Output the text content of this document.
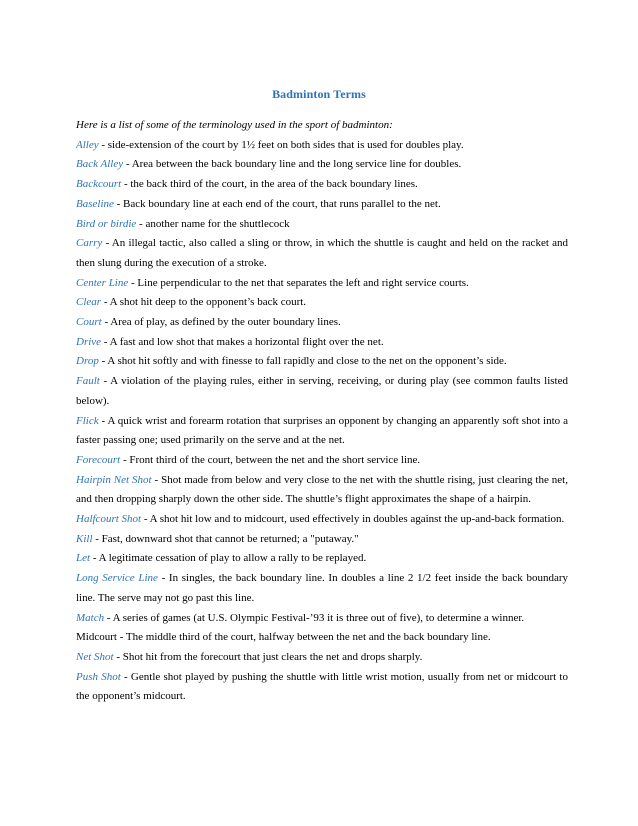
Badminton Terms

Here is a list of some of the terminology used in the sport of badminton:

Alley - side-extension of the court by 1½ feet on both sides that is used for doubles play.

Back Alley - Area between the back boundary line and the long service line for doubles.

Backcourt - the back third of the court, in the area of the back boundary lines.

Baseline - Back boundary line at each end of the court, that runs parallel to the net.

Bird or birdie - another name for the shuttlecock

Carry - An illegal tactic, also called a sling or throw, in which the shuttle is caught and held on the racket and then slung during the execution of a stroke.

Center Line - Line perpendicular to the net that separates the left and right service courts.

Clear - A shot hit deep to the opponent’s back court.

Court - Area of play, as defined by the outer boundary lines.

Drive - A fast and low shot that makes a horizontal flight over the net.

Drop - A shot hit softly and with finesse to fall rapidly and close to the net on the opponent’s side.

Fault - A violation of the playing rules, either in serving, receiving, or during play (see common faults listed below).

Flick - A quick wrist and forearm rotation that surprises an opponent by changing an apparently soft shot into a faster passing one; used primarily on the serve and at the net.

Forecourt - Front third of the court, between the net and the short service line.

Hairpin Net Shot - Shot made from below and very close to the net with the shuttle rising, just clearing the net, and then dropping sharply down the other side. The shuttle’s flight approximates the shape of a hairpin.

Halfcourt Shot - A shot hit low and to midcourt, used effectively in doubles against the up-and-back formation.

Kill - Fast, downward shot that cannot be returned; a "putaway."

Let - A legitimate cessation of play to allow a rally to be replayed.

Long Service Line - In singles, the back boundary line. In doubles a line 2 1/2 feet inside the back boundary line. The serve may not go past this line.

Match - A series of games (at U.S. Olympic Festival-’93 it is three out of five), to determine a winner.

Midcourt - The middle third of the court, halfway between the net and the back boundary line.

Net Shot - Shot hit from the forecourt that just clears the net and drops sharply.

Push Shot - Gentle shot played by pushing the shuttle with little wrist motion, usually from net or midcourt to the opponent’s midcourt.
